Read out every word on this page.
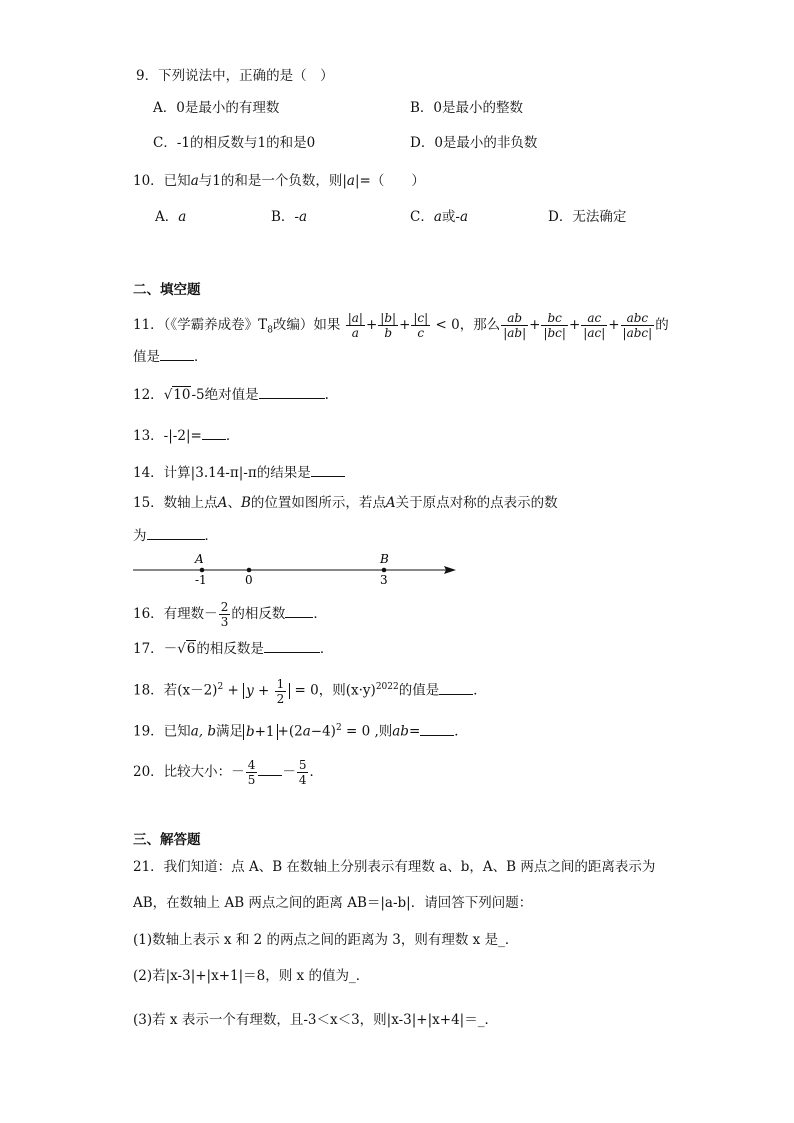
9．下列说法中，正确的是（　）
A．0是最小的有理数	B．0是最小的整数
C．-1的相反数与1的和是0	D．0是最小的非负数
10．已知a与1的和是一个负数，则|a|=（　　）
A．a	B．-a	C．a或-a	D．无法确定
二、填空题
11．（《学霸养成卷》$T_8$改编）如果 $\frac{|a|}{a} + \frac{|b|}{b} + \frac{|c|}{c} < 0$，那么 $\frac{ab}{|ab|} + \frac{bc}{|bc|} + \frac{ac}{|ac|} + \frac{\text{abc}}{\text{|abc|}}$ 的
值是	．
12．√10-5绝对值是	.
13．-|-2|= ．
14．计算|3.14-π|-π的结果是
15．数轴上点A、B的位置如图所示，若点A关于原点对称的点表示的数
为	．
A	B
-1	0	3
16．有理数－ $\frac{2}{3}$ 的相反数 ．
17．－√6的相反数是	．
18．若$(x-2)^2 + y + \frac{1}{2} = 0$，则$(x\cdot y)^{2022}$的值是	．
19．已知a, b满足 $b+1 +(2a-4)^2 = 0$ ,则ab=	．
20．比较大小：－ $\frac{4}{5} - \frac{5}{4}$ ．
三、解答题
21．我们知道：点 A、B 在数轴上分别表示有理数 a、b，A、B 两点之间的距离表示为
AB，在数轴上 AB 两点之间的距离 AB＝|a-b|．请回答下列问题：
(1)数轴上表示 x 和 2 的两点之间的距离为 3，则有理数 x 是_．
(2)若|x-3|+|x+1|＝8，则 x 的值为_．
(3)若 x 表示一个有理数，且-3＜x＜3，则|x-3|+|x+4|＝_．
